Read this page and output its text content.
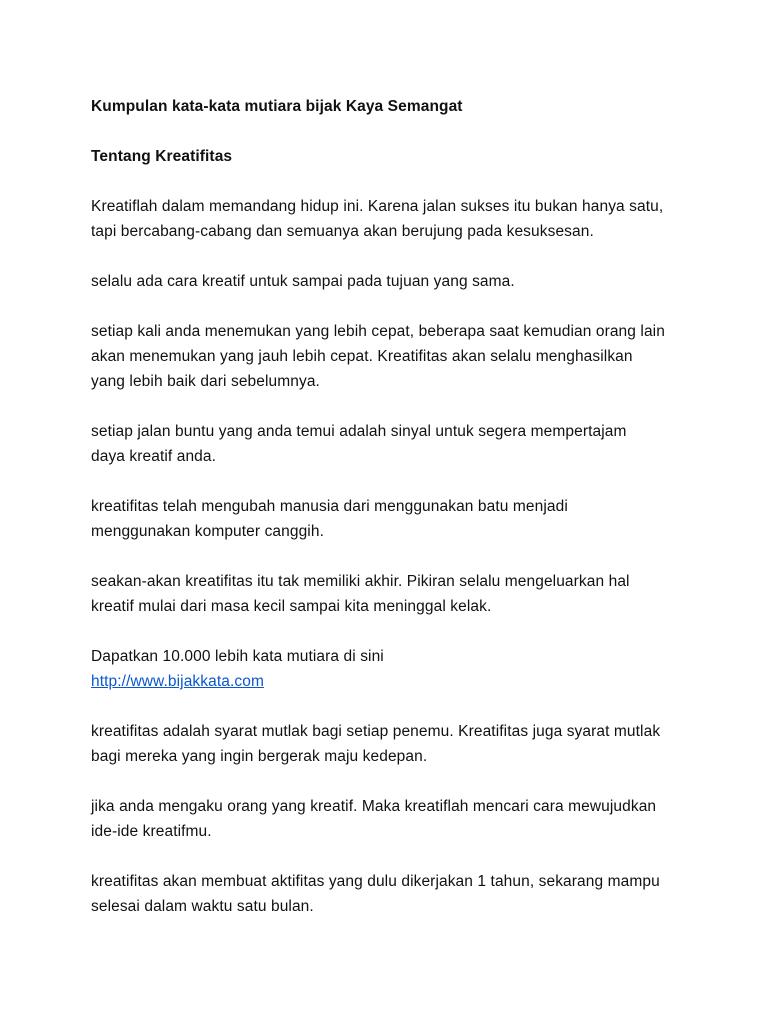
Kumpulan kata-kata mutiara bijak Kaya Semangat

Tentang Kreatifitas

Kreatiflah dalam memandang hidup ini. Karena jalan sukses itu bukan hanya satu,
tapi bercabang-cabang dan semuanya akan berujung pada kesuksesan.

selalu ada cara kreatif untuk sampai pada tujuan yang sama.

setiap kali anda menemukan yang lebih cepat, beberapa saat kemudian orang lain
akan menemukan yang jauh lebih cepat. Kreatifitas akan selalu menghasilkan
yang lebih baik dari sebelumnya.

setiap jalan buntu yang anda temui adalah sinyal untuk segera mempertajam
daya kreatif anda.

kreatifitas telah mengubah manusia dari menggunakan batu menjadi
menggunakan komputer canggih.

seakan-akan kreatifitas itu tak memiliki akhir. Pikiran selalu mengeluarkan hal
kreatif mulai dari masa kecil sampai kita meninggal kelak.

Dapatkan 10.000 lebih kata mutiara di sini

http://www.bijakkata.com

kreatifitas adalah syarat mutlak bagi setiap penemu. Kreatifitas juga syarat mutlak
bagi mereka yang ingin bergerak maju kedepan.

jika anda mengaku orang yang kreatif. Maka kreatiflah mencari cara mewujudkan
ide-ide kreatifmu.

kreatifitas akan membuat aktifitas yang dulu dikerjakan 1 tahun, sekarang mampu
selesai dalam waktu satu bulan.
